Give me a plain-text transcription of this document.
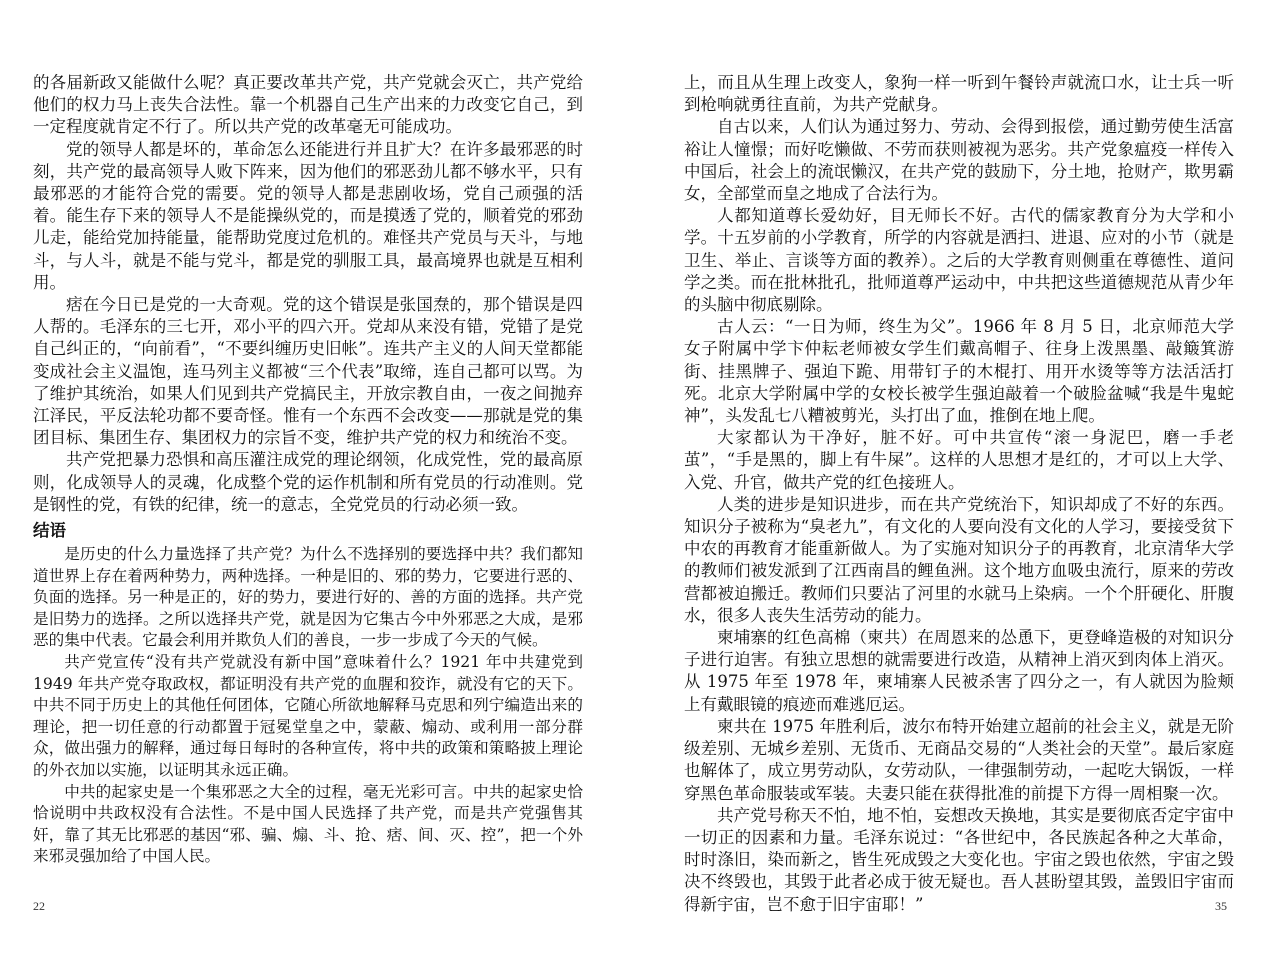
的各届新政又能做什么呢？真正要改革共产党，共产党就会灭亡，共产党给他们的权力马上丧失合法性。靠一个机器自己生产出来的力改变它自己，到一定程度就肯定不行了。所以共产党的改革毫无可能成功。

党的领导人都是坏的，革命怎么还能进行并且扩大？在许多最邪恶的时刻，共产党的最高领导人败下阵来，因为他们的邪恶劲儿都不够水平，只有最邪恶的才能符合党的需要。党的领导人都是悲剧收场，党自己顽强的活着。能生存下来的领导人不是能操纵党的，而是摸透了党的，顺着党的邪劲儿走，能给党加持能量，能帮助党度过危机的。难怪共产党员与天斗，与地斗，与人斗，就是不能与党斗，都是党的驯服工具，最高境界也就是互相利用。

痞在今日已是党的一大奇观。党的这个错误是张国焘的，那个错误是四人帮的。毛泽东的三七开，邓小平的四六开。党却从来没有错，党错了是党自己纠正的，“向前看”，“不要纠缠历史旧帐”。连共产主义的人间天堂都能变成社会主义温饱，连马列主义都被“三个代表”取缔，连自己都可以骂。为了维护其统治，如果人们见到共产党搞民主，开放宗教自由，一夜之间抛弃江泽民，平反法轮功都不要奇怪。惟有一个东西不会改变——那就是党的集团目标、集团生存、集团权力的宗旨不变，维护共产党的权力和统治不变。

共产党把暴力恐惧和高压灌注成党的理论纲领，化成党性，党的最高原则，化成领导人的灵魂，化成整个党的运作机制和所有党员的行动准则。党是钢性的党，有铁的纪律，统一的意志，全党党员的行动必须一致。

结语

是历史的什么力量选择了共产党？为什么不选择别的要选择中共？我们都知道世界上存在着两种势力，两种选择。一种是旧的、邪的势力，它要进行恶的、负面的选择。另一种是正的，好的势力，要进行好的、善的方面的选择。共产党是旧势力的选择。之所以选择共产党，就是因为它集古今中外邪恶之大成，是邪恶的集中代表。它最会利用并欺负人们的善良，一步一步成了今天的气候。

共产党宣传“没有共产党就没有新中国”意味着什么？1921 年中共建党到 1949 年共产党夺取政权，都证明没有共产党的血腥和狡诈，就没有它的天下。中共不同于历史上的其他任何团体，它随心所欲地解释马克思和列宁编造出来的理论，把一切任意的行动都置于冠冕堂皇之中，蒙蔽、煽动、或利用一部分群众，做出强力的解释，通过每日每时的各种宣传，将中共的政策和策略披上理论的外衣加以实施，以证明其永远正确。

中共的起家史是一个集邪恶之大全的过程，毫无光彩可言。中共的起家史恰恰说明中共政权没有合法性。不是中国人民选择了共产党，而是共产党强售其奸，靠了其无比邪恶的基因“邪、骗、煽、斗、抢、痞、间、灭、控”，把一个外来邪灵强加给了中国人民。

22

上，而且从生理上改变人，象狗一样一听到午餐铃声就流口水，让士兵一听到枪响就勇往直前，为共产党献身。

自古以来，人们认为通过努力、劳动、会得到报偿，通过勤劳使生活富裕让人憧憬；而好吃懒做、不劳而获则被视为恶劣。共产党象瘟疫一样传入中国后，社会上的流氓懒汉，在共产党的鼓励下，分土地，抢财产，欺男霸女，全部堂而皇之地成了合法行为。

人都知道尊长爱幼好，目无师长不好。古代的儒家教育分为大学和小学。十五岁前的小学教育，所学的内容就是洒扫、进退、应对的小节（就是卫生、举止、言谈等方面的教养）。之后的大学教育则侧重在尊德性、道问学之类。而在批林批孔，批师道尊严运动中，中共把这些道德规范从青少年的头脑中彻底剔除。

古人云：“一日为师，终生为父”。1966 年 8 月 5 日，北京师范大学女子附属中学卞仲耘老师被女学生们戴高帽子、往身上泼黑墨、敲簸箕游街、挂黑牌子、强迫下跪、用带钉子的木棍打、用开水烫等等方法活活打死。北京大学附属中学的女校长被学生强迫敲着一个破脸盆喊“我是牛鬼蛇神”，头发乱七八糟被剪光，头打出了血，推倒在地上爬。

大家都认为干净好，脏不好。可中共宣传“滚一身泥巴，磨一手老茧”，“手是黑的，脚上有牛屎”。这样的人思想才是红的，才可以上大学、入党、升官，做共产党的红色接班人。

人类的进步是知识进步，而在共产党统治下，知识却成了不好的东西。知识分子被称为“臭老九”，有文化的人要向没有文化的人学习，要接受贫下中农的再教育才能重新做人。为了实施对知识分子的再教育，北京清华大学的教师们被发派到了江西南昌的鲤鱼洲。这个地方血吸虫流行，原来的劳改营都被迫搬迁。教师们只要沾了河里的水就马上染病。一个个肝硬化、肝腹水，很多人丧失生活劳动的能力。

柬埔寨的红色高棉（柬共）在周恩来的怂恿下，更登峰造极的对知识分子进行迫害。有独立思想的就需要进行改造，从精神上消灭到肉体上消灭。从 1975 年至 1978 年，柬埔寨人民被杀害了四分之一，有人就因为脸颊上有戴眼镜的痕迹而难逃厄运。

柬共在 1975 年胜利后，波尔布特开始建立超前的社会主义，就是无阶级差别、无城乡差别、无货币、无商品交易的“人类社会的天堂”。最后家庭也解体了，成立男劳动队，女劳动队，一律强制劳动，一起吃大锅饭，一样穿黑色革命服装或军装。夫妻只能在获得批准的前提下方得一周相聚一次。

共产党号称天不怕，地不怕，妄想改天换地，其实是要彻底否定宇宙中一切正的因素和力量。毛泽东说过：“各世纪中，各民族起各种之大革命，时时涤旧，染而新之，皆生死成毁之大变化也。宇宙之毁也依然，宇宙之毁决不终毁也，其毁于此者必成于彼无疑也。吾人甚盼望其毁，盖毁旧宇宙而得新宇宙，岂不愈于旧宇宙耶！”	35
